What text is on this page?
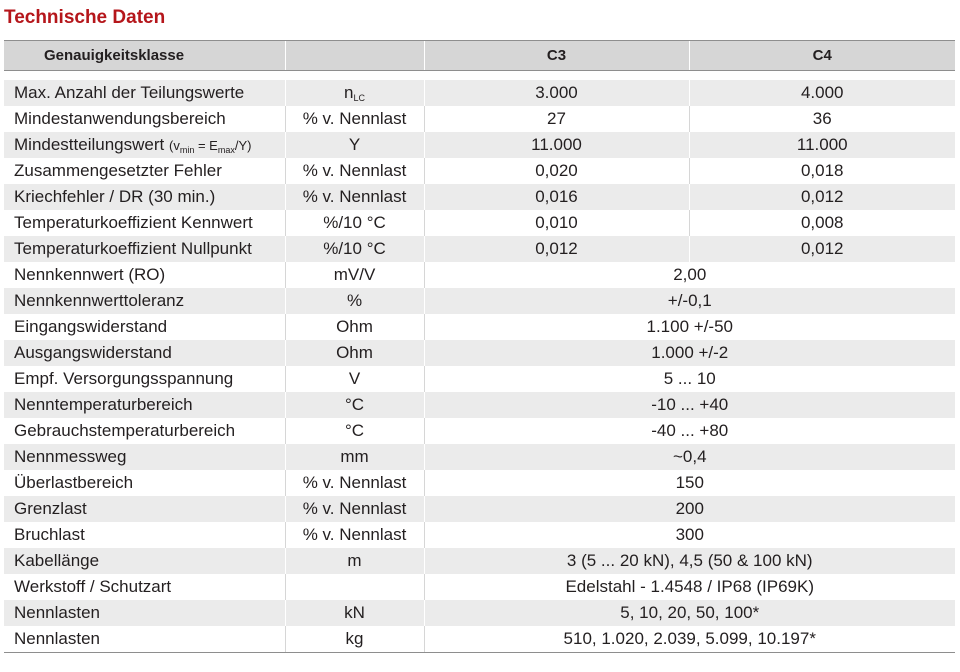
Technische Daten
Genauigkeitsklasse		C3	C4

Max. Anzahl der Teilungswerte	$n_{LC}$	3.000	4.000
Mindestanwendungsbereich	% v. Nennlast	27	36
Mindestteilungswert $(v_{min} = E_{max}/Y)$	Y	11.000	11.000
Zusammengesetzter Fehler	% v. Nennlast	0,020	0,018
Kriechfehler / DR (30 min.)	% v. Nennlast	0,016	0,012
Temperaturkoeffizient Kennwert	%/10 °C	0,010	0,008
Temperaturkoeffizient Nullpunkt	%/10 °C	0,012	0,012
Nennkennwert (RO)	mV/V	2,00	
Nennkennwerttoleranz	%	+/-0,1	
Eingangswiderstand	Ohm	1.100 +/-50	
Ausgangswiderstand	Ohm	1.000 +/-2	
Empf. Versorgungsspannung	V	5 ... 10	
Nenntemperaturbereich	°C	-10 ... +40	
Gebrauchstemperaturbereich	°C	-40 ... +80	
Nennmessweg	mm	~0,4	
Überlastbereich	% v. Nennlast	150	
Grenzlast	% v. Nennlast	200	
Bruchlast	% v. Nennlast	300	
Kabellänge	m	3 (5 ... 20 kN), 4,5 (50 & 100 kN)	
Werkstoff / Schutzart		Edelstahl - 1.4548 / IP68 (IP69K)	
Nennlasten	kN	5, 10, 20, 50, 100*	
Nennlasten	kg	510, 1.020, 2.039, 5.099, 10.197*	
